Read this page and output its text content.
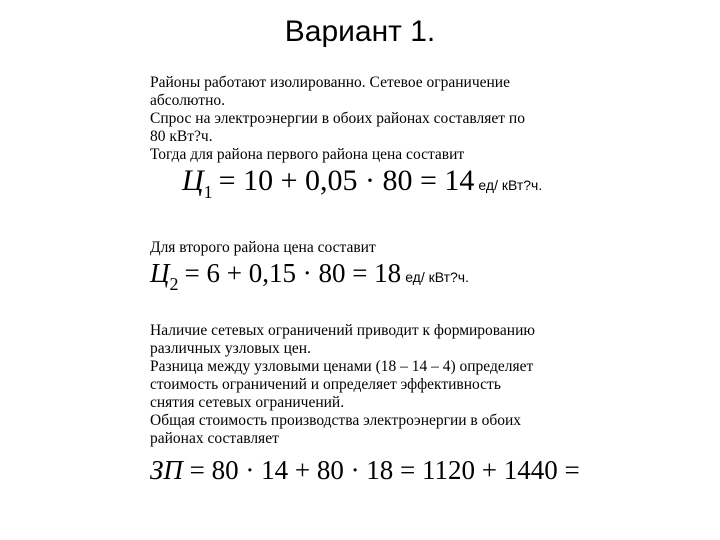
Вариант 1.
Районы работают изолированно. Сетевое ограничение
абсолютно.
Спрос на электроэнергии в обоих районах составляет по
80 кВт?ч.
Тогда для района первого района цена составит
$Ц_1 = 10 + 0,05 \cdot 80 = 14$ ед/ кВт?ч.
Для второго района цена составит
$Ц_2 = 6 + 0,15 \cdot 80 = 18$ ед/ кВт?ч.
Наличие сетевых ограничений приводит к формированию
различных узловых цен.
Разница между узловыми ценами (18 – 14 – 4) определяет
стоимость ограничений и определяет эффективность
снятия сетевых ограничений.
Общая стоимость производства электроэнергии в обоих
районах составляет
ЗП = 80 · 14 + 80 · 18 = 1120 + 1440 =
